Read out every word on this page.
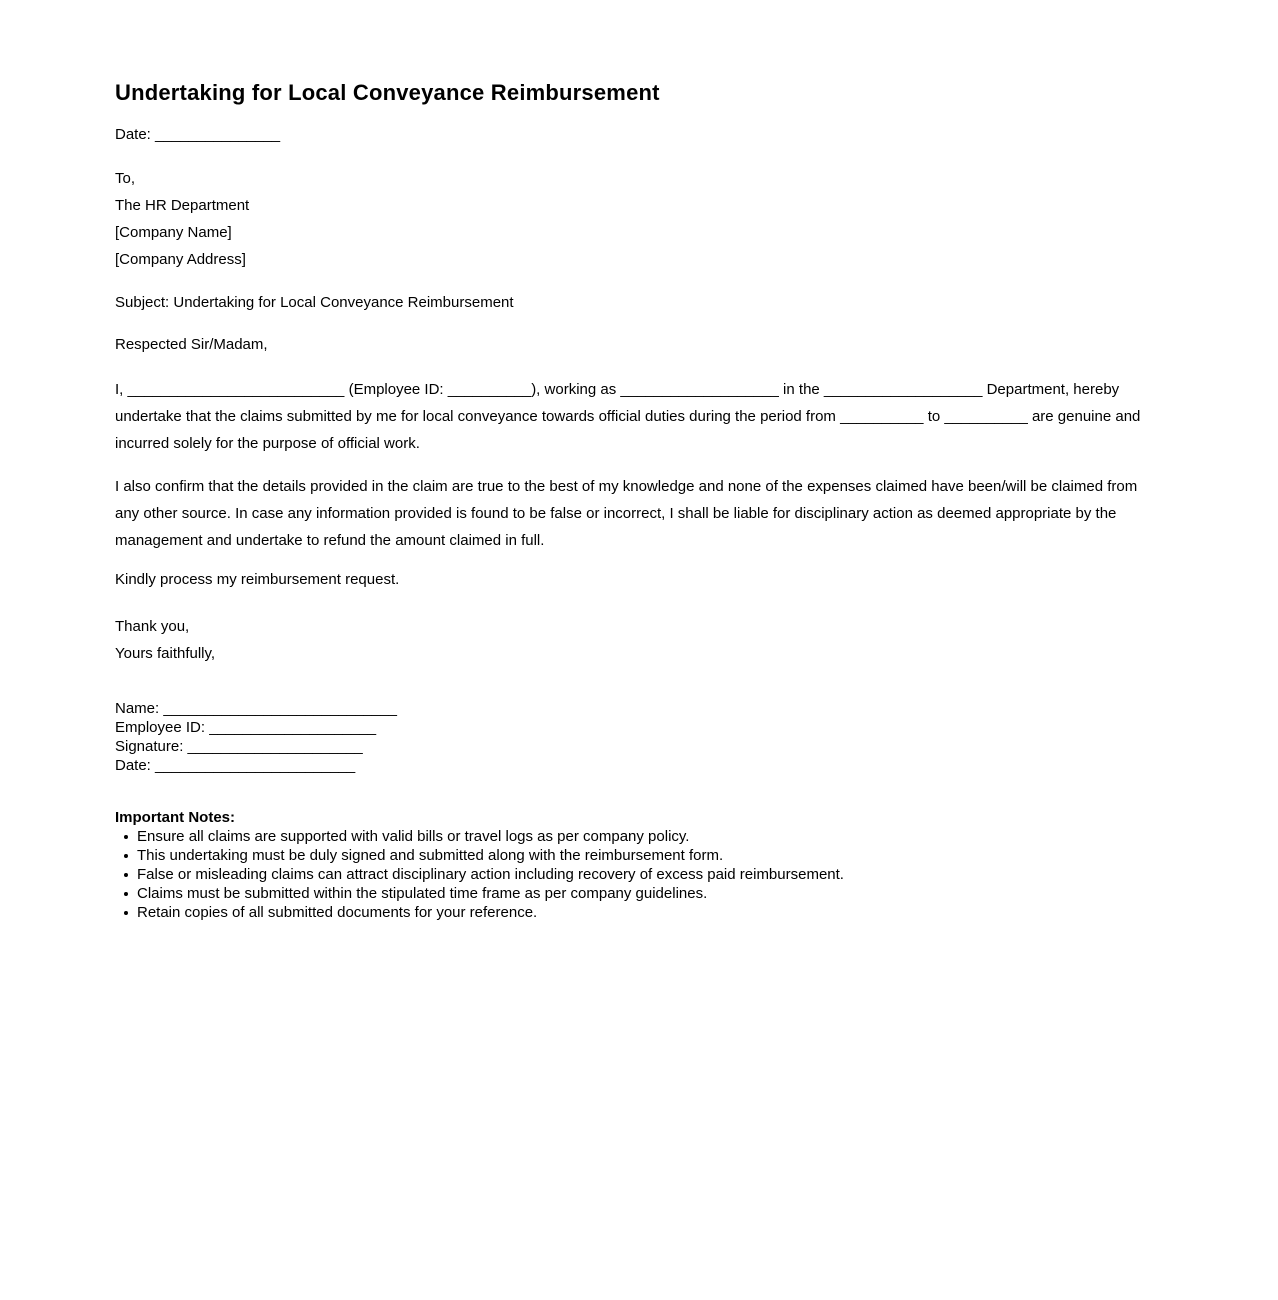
Undertaking for Local Conveyance Reimbursement

Date: _______________

To,
The HR Department
[Company Name]
[Company Address]

Subject: Undertaking for Local Conveyance Reimbursement

Respected Sir/Madam,

I, __________________________ (Employee ID: __________), working as ___________________ in the ___________________ Department, hereby undertake that the claims submitted by me for local conveyance towards official duties during the period from __________ to __________ are genuine and incurred solely for the purpose of official work.

I also confirm that the details provided in the claim are true to the best of my knowledge and none of the expenses claimed have been/will be claimed from any other source. In case any information provided is found to be false or incorrect, I shall be liable for disciplinary action as deemed appropriate by the management and undertake to refund the amount claimed in full.

Kindly process my reimbursement request.

Thank you,
Yours faithfully,
Name: ____________________________
Employee ID: ____________________
Signature: _____________________
Date: ________________________
Important Notes:
Ensure all claims are supported with valid bills or travel logs as per company policy.
This undertaking must be duly signed and submitted along with the reimbursement form.
False or misleading claims can attract disciplinary action including recovery of excess paid reimbursement.
Claims must be submitted within the stipulated time frame as per company guidelines.
Retain copies of all submitted documents for your reference.
